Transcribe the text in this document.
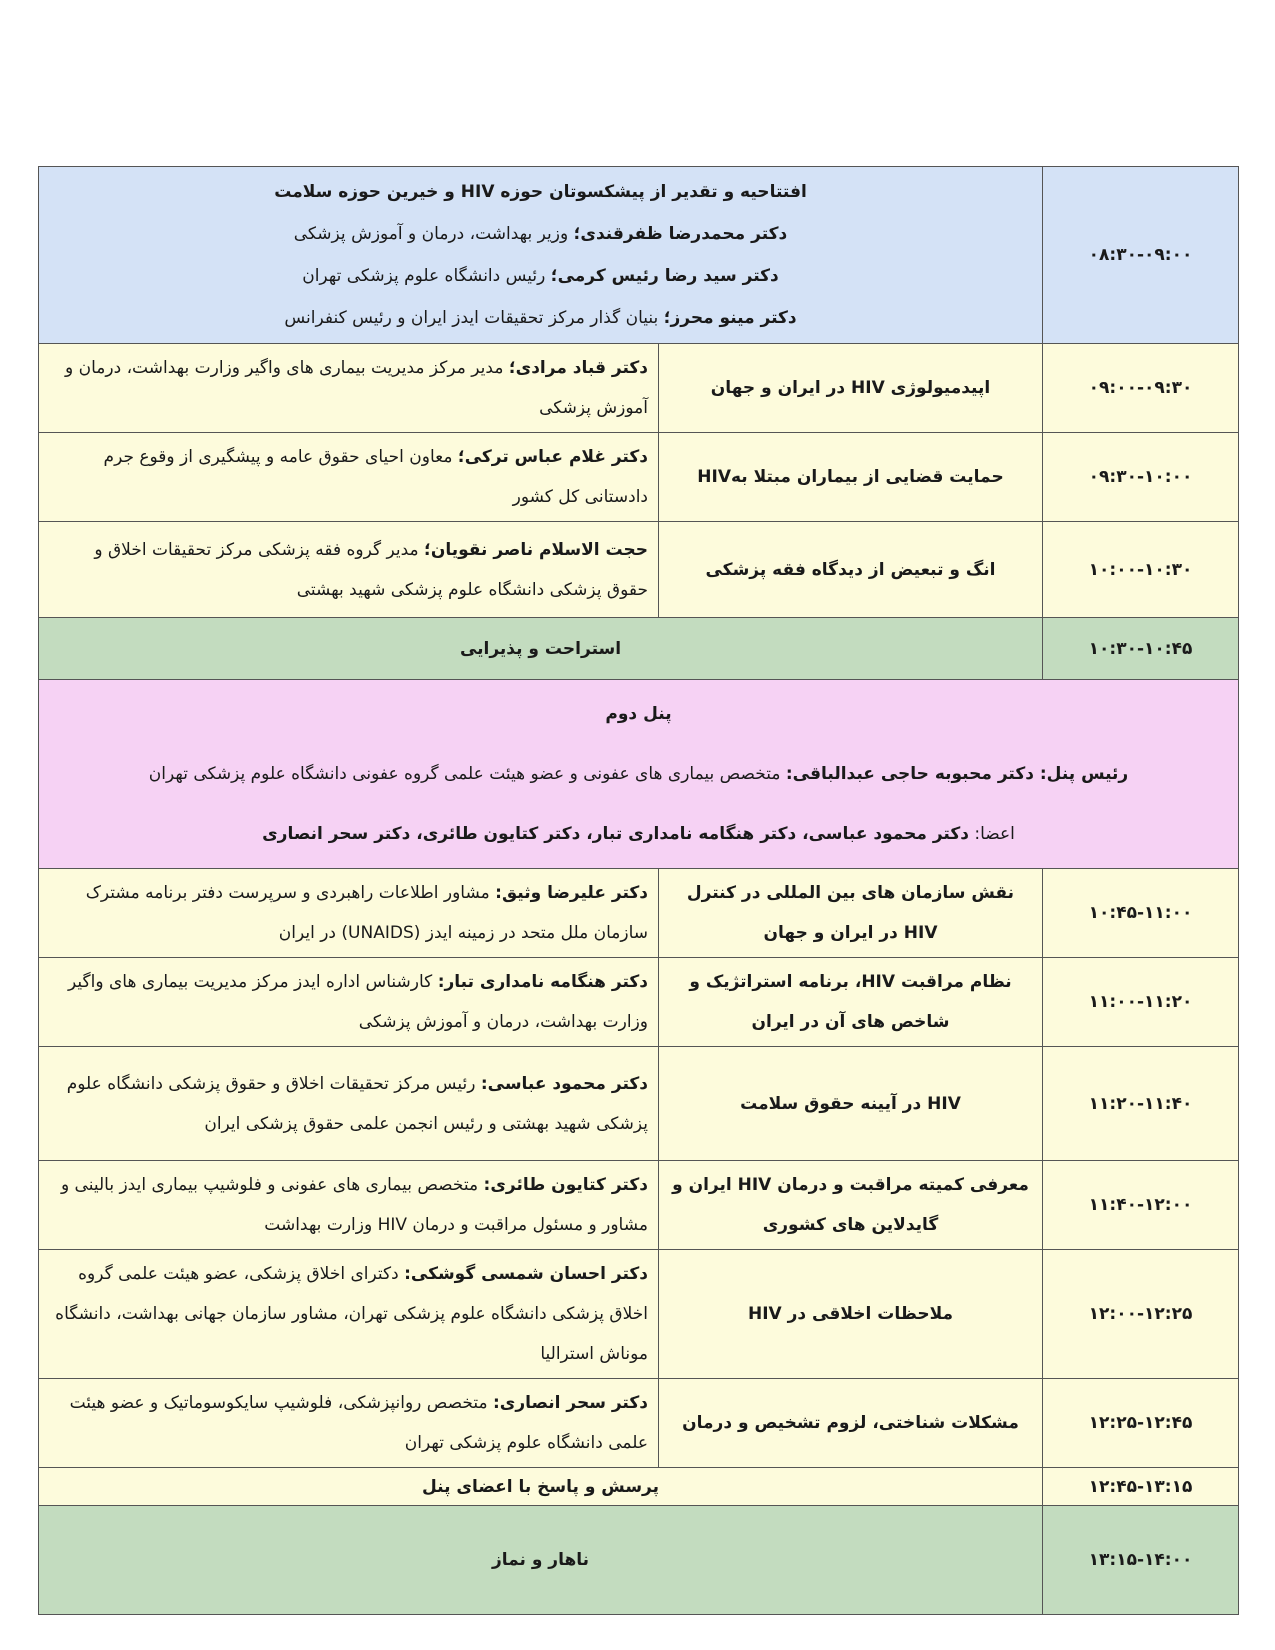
۰۸:۳۰-۰۹:۰۰	افتتاحیه و تقدیر از پیشکسوتان حوزه HIV و خیرین حوزه سلامت
دکتر محمدرضا ظفرقندی؛ وزیر بهداشت، درمان و آموزش پزشکی
دکتر سید رضا رئیس کرمی؛ رئیس دانشگاه علوم پزشکی تهران
دکتر مینو محرز؛ بنیان گذار مرکز تحقیقات ایدز ایران و رئیس کنفرانس	

۰۹:۰۰-۰۹:۳۰	اپیدمیولوژی HIV در ایران و جهان	دکتر قباد مرادی؛ مدیر مرکز مدیریت بیماری های واگیر وزارت بهداشت، درمان و آموزش پزشکی
۰۹:۳۰-۱۰:۰۰	حمایت قضایی از بیماران مبتلا بهHIV	دکتر غلام عباس ترکی؛ معاون احیای حقوق عامه و پیشگیری از وقوع جرم دادستانی کل کشور
۱۰:۰۰-۱۰:۳۰	انگ و تبعیض از دیدگاه فقه پزشکی	حجت الاسلام ناصر نقویان؛ مدیر گروه فقه پزشکی مرکز تحقیقات اخلاق و حقوق پزشکی دانشگاه علوم پزشکی شهید بهشتی
۱۰:۳۰-۱۰:۴۵	استراحت و پذیرایی	

پنل دوم
رئیس پنل: دکتر محبوبه حاجی عبدالباقی: متخصص بیماری های عفونی و عضو هیئت علمی گروه عفونی دانشگاه علوم پزشکی تهران
اعضا: دکتر محمود عباسی، دکتر هنگامه نامداری تبار، دکتر کتایون طائری، دکتر سحر انصاری		

۱۰:۴۵-۱۱:۰۰	نقش سازمان های بین المللی در کنترل HIV در ایران و جهان	دکتر علیرضا وثیق: مشاور اطلاعات راهبردی و سرپرست دفتر برنامه مشترک سازمان ملل متحد در زمینه ایدز (UNAIDS) در ایران
۱۱:۰۰-۱۱:۲۰	نظام مراقبت HIV، برنامه استراتژیک و شاخص های آن در ایران	دکتر هنگامه نامداری تبار: کارشناس اداره ایدز مرکز مدیریت بیماری های واگیر وزارت بهداشت، درمان و آموزش پزشکی
۱۱:۲۰-۱۱:۴۰	HIV در آیینه حقوق سلامت	دکتر محمود عباسی: رئیس مرکز تحقیقات اخلاق و حقوق پزشکی دانشگاه علوم پزشکی شهید بهشتی و رئیس انجمن علمی حقوق پزشکی ایران
۱۱:۴۰-۱۲:۰۰	معرفی کمیته مراقبت و درمان HIV ایران و گایدلاین های کشوری	دکتر کتایون طائری: متخصص بیماری های عفونی و فلوشیپ بیماری ایدز بالینی و مشاور و مسئول مراقبت و درمان HIV وزارت بهداشت
۱۲:۰۰-۱۲:۲۵	ملاحظات اخلاقی در HIV	دکتر احسان شمسی گوشکی: دکترای اخلاق پزشکی، عضو هیئت علمی گروه اخلاق پزشکی دانشگاه علوم پزشکی تهران، مشاور سازمان جهانی بهداشت، دانشگاه موناش استرالیا
۱۲:۲۵-۱۲:۴۵	مشکلات شناختی، لزوم تشخیص و درمان	دکتر سحر انصاری: متخصص روانپزشکی، فلوشیپ سایکوسوماتیک و عضو هیئت علمی دانشگاه علوم پزشکی تهران
۱۲:۴۵-۱۳:۱۵	پرسش و پاسخ با اعضای پنل	
۱۳:۱۵-۱۴:۰۰	ناهار و نماز	
